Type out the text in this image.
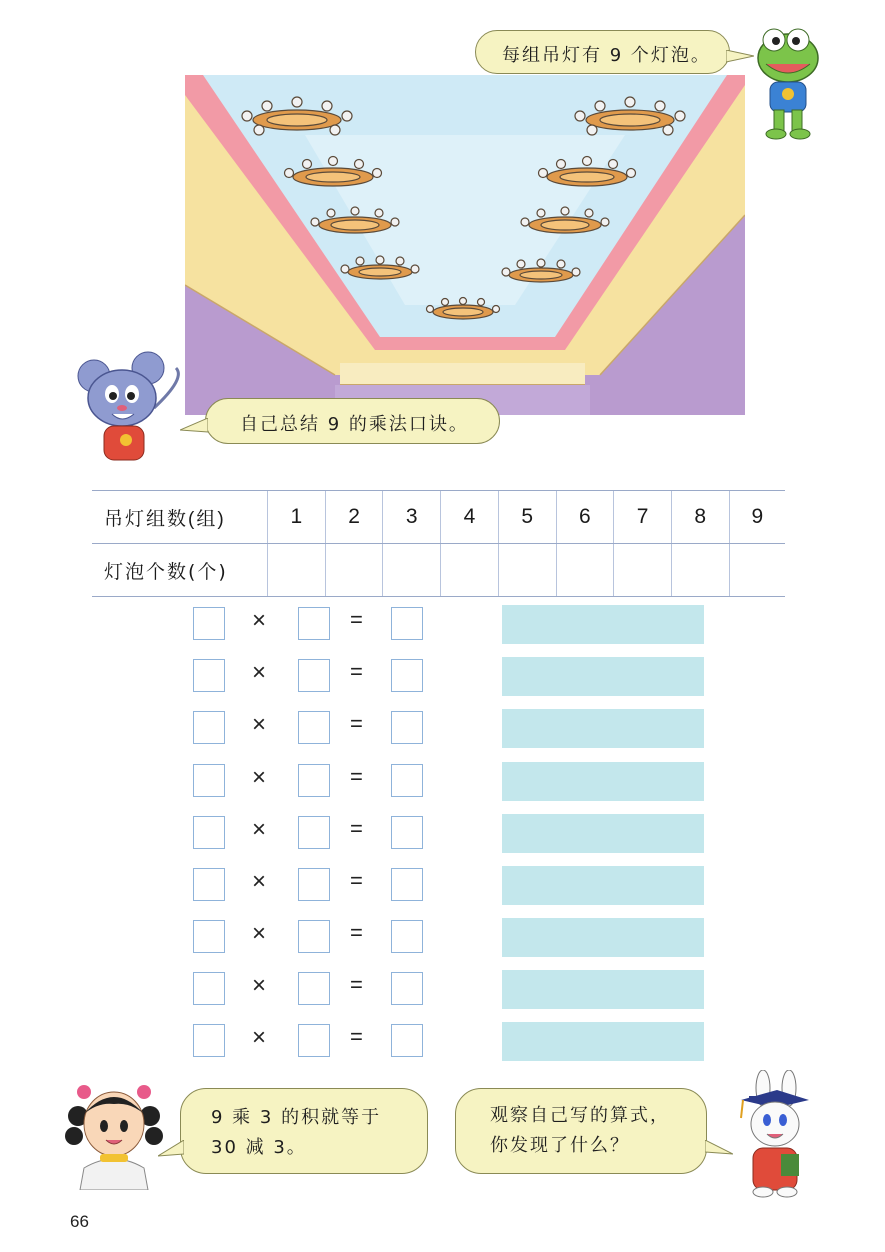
每组吊灯有 9 个灯泡。
自己总结 9 的乘法口诀。
9 乘 3 的积就等于
30 减 3。
观察自己写的算式，
你发现了什么？
吊灯组数(组)	1	2	3	4	5	6	7	8	9
灯泡个数(个)									
×	=
×	=
×	=
×	=
×	=
×	=
×	=
×	=
×	=
66
